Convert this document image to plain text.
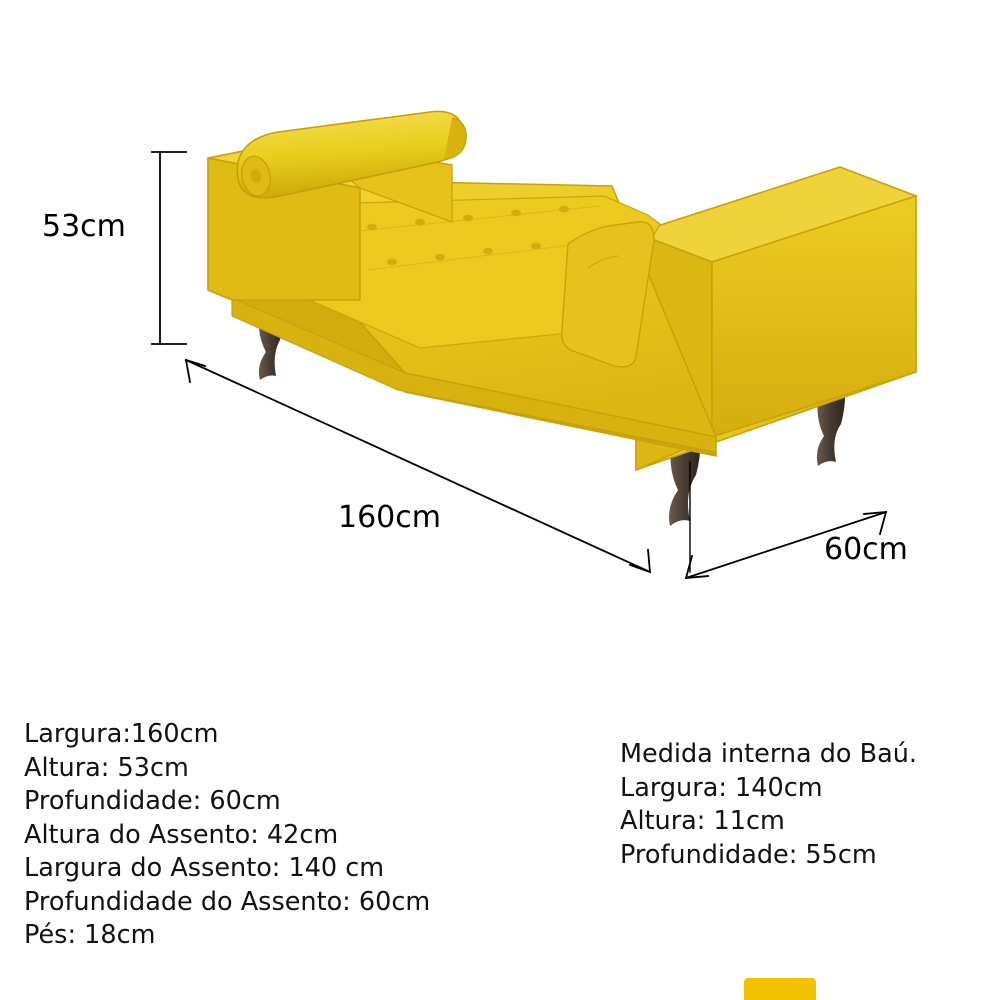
53cm
160cm
60cm
Largura:160cm
Altura: 53cm
Profundidade: 60cm
Altura do Assento: 42cm
Largura do Assento: 140 cm
Profundidade do Assento: 60cm
Pés: 18cm
Medida interna do Baú.
Largura: 140cm
Altura: 11cm
Profundidade: 55cm
